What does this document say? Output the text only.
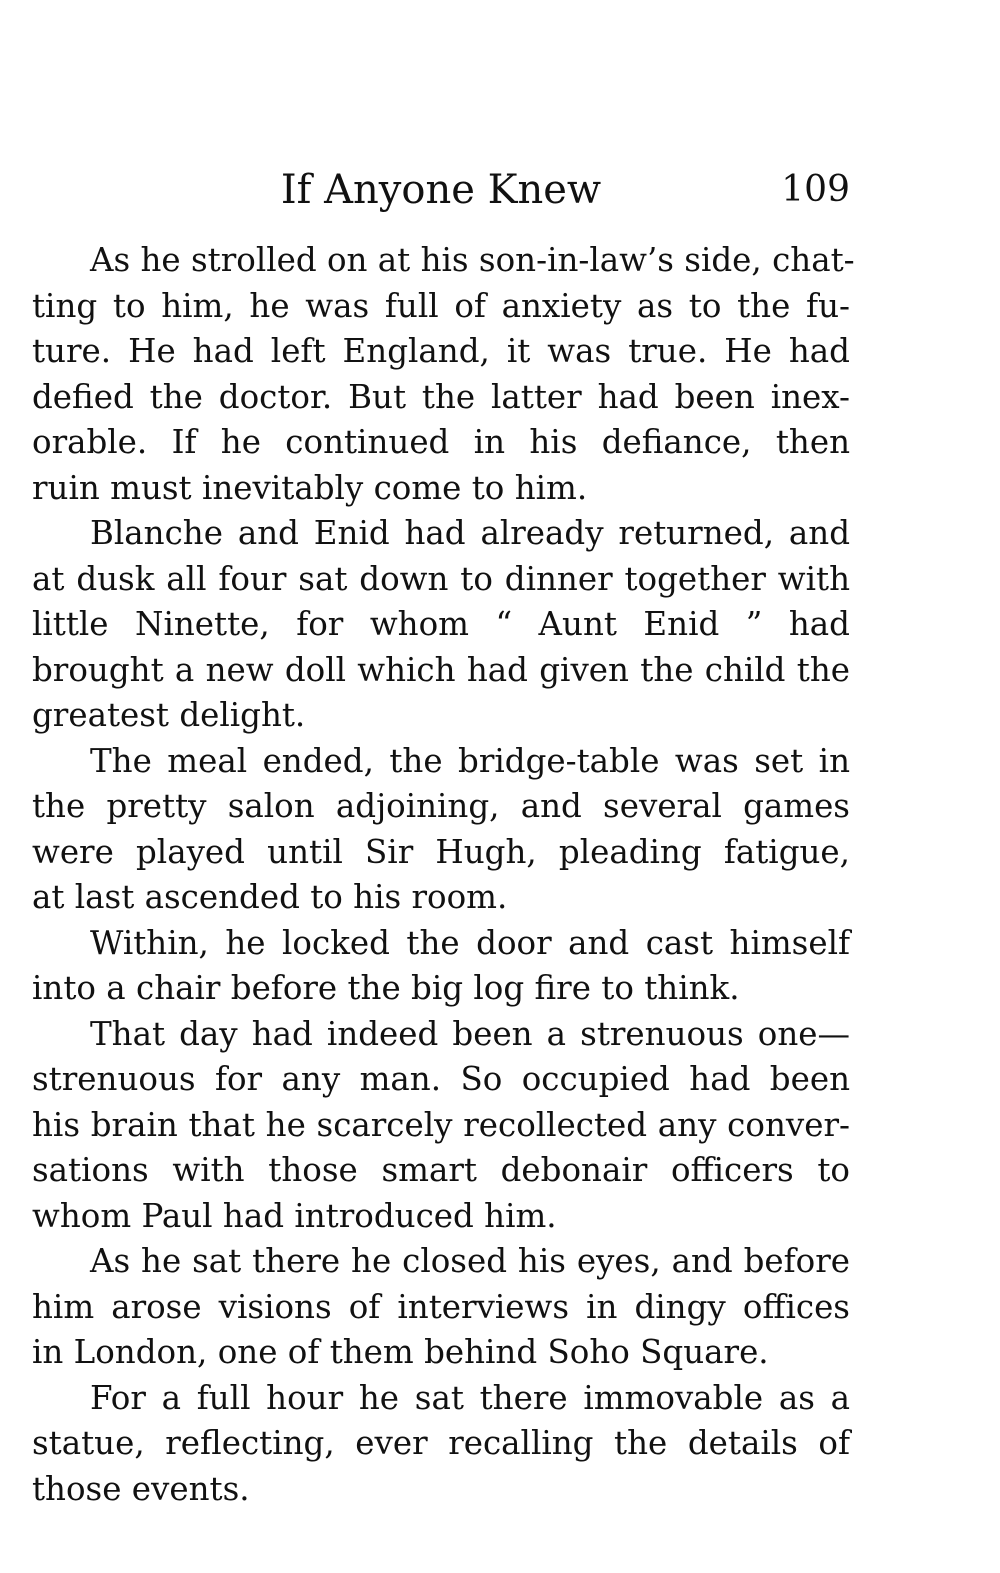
If Anyone Knew	109

As he strolled on at his son-in-law’s side, chat-
ting to him, he was full of anxiety as to the fu-
ture. He had left England, it was true. He had
defied the doctor. But the latter had been inex-
orable. If he continued in his defiance, then
ruin must inevitably come to him.

Blanche and Enid had already returned, and
at dusk all four sat down to dinner together with
little Ninette, for whom “ Aunt Enid ” had
brought a new doll which had given the child the
greatest delight.

The meal ended, the bridge-table was set in
the pretty salon adjoining, and several games
were played until Sir Hugh, pleading fatigue,
at last ascended to his room.

Within, he locked the door and cast himself
into a chair before the big log fire to think.

That day had indeed been a strenuous one—
strenuous for any man. So occupied had been
his brain that he scarcely recollected any conver-
sations with those smart debonair officers to
whom Paul had introduced him.

As he sat there he closed his eyes, and before
him arose visions of interviews in dingy offices
in London, one of them behind Soho Square.

For a full hour he sat there immovable as a
statue, reflecting, ever recalling the details of
those events.
